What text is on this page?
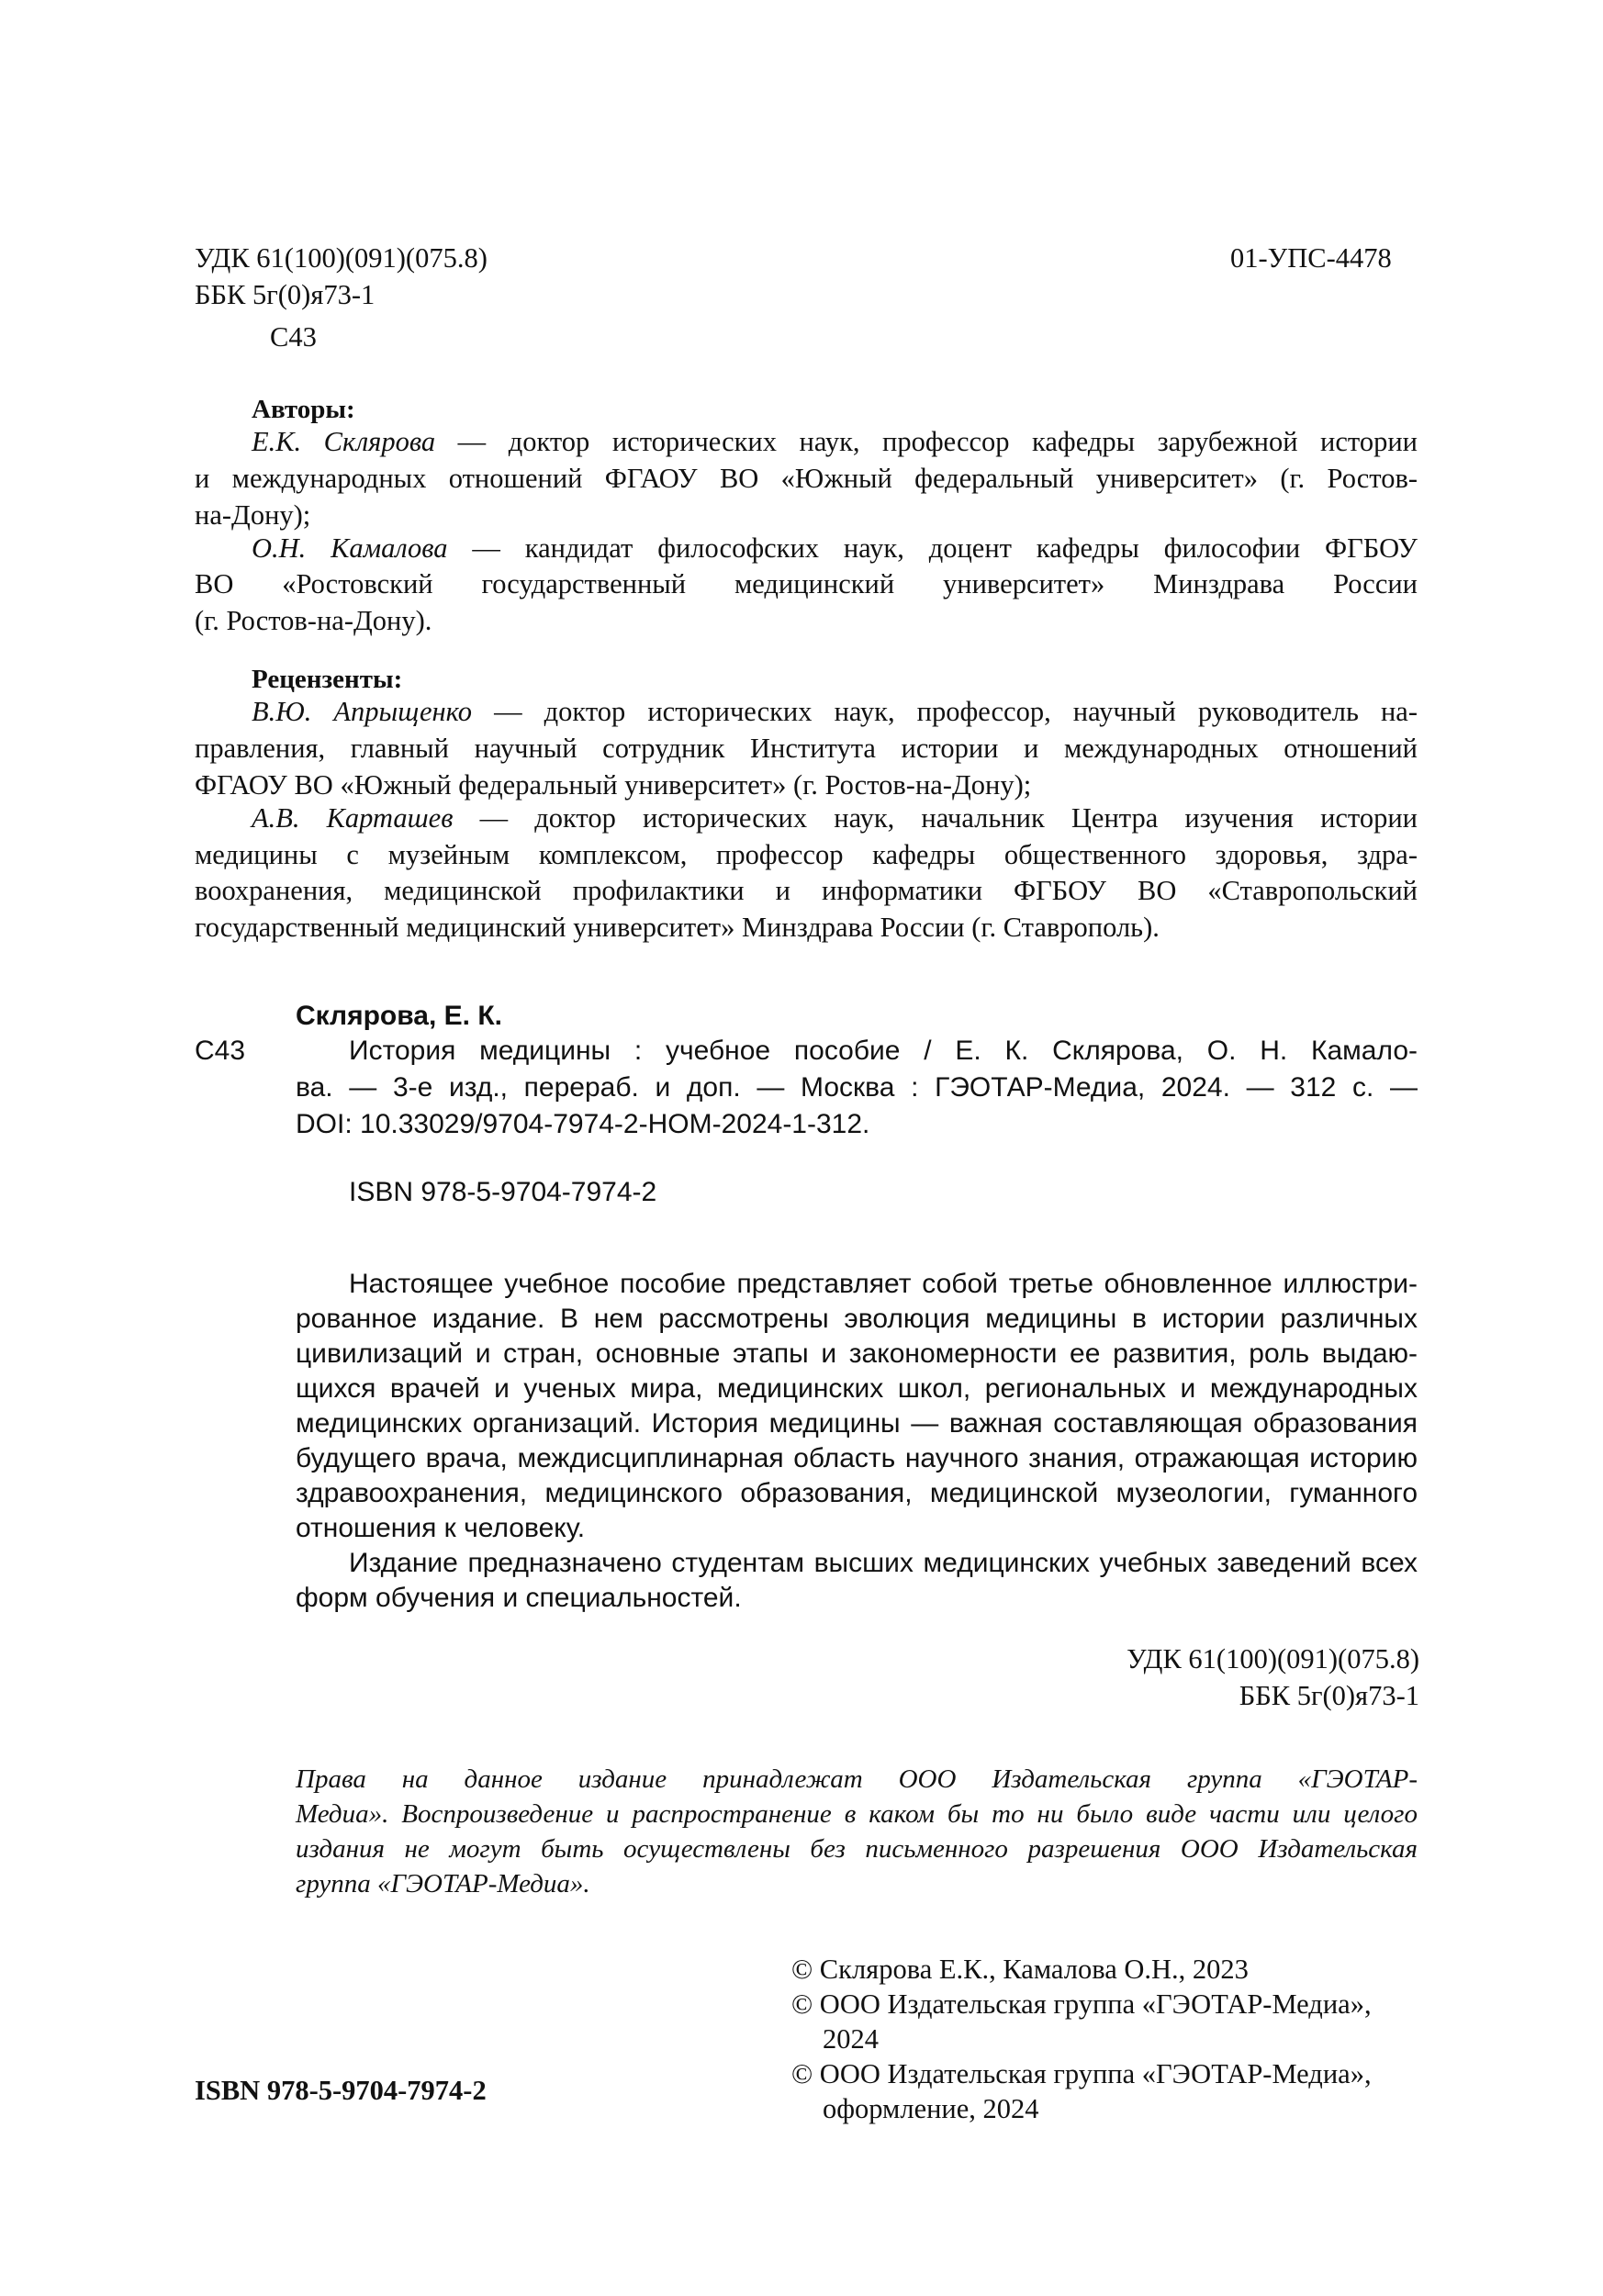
УДК 61(100)(091)(075.8)
ББК 5г(0)я73-1
С43
01-УПС-4478
Авторы:
Е.К. Склярова — доктор исторических наук, профессор кафедры зарубежной истории
и международных отношений ФГАОУ ВО «Южный федеральный университет» (г. Ростов-
на-Дону);
О.Н. Камалова — кандидат философских наук, доцент кафедры философии ФГБОУ
ВО «Ростовский государственный медицинский университет» Минздрава России
(г. Ростов-на-Дону).
Рецензенты:
В.Ю. Апрыщенко — доктор исторических наук, профессор, научный руководитель на-
правления, главный научный сотрудник Института истории и международных отношений
ФГАОУ ВО «Южный федеральный университет» (г. Ростов-на-Дону);
А.В. Карташев — доктор исторических наук, начальник Центра изучения истории
медицины с музейным комплексом, профессор кафедры общественного здоровья, здра-
воохранения, медицинской профилактики и информатики ФГБОУ ВО «Ставропольский
государственный медицинский университет» Минздрава России (г. Ставрополь).
Склярова, Е. К.
С43	История медицины : учебное пособие / Е. К. Склярова, О. Н. Камало-
ва. — 3-е изд., перераб. и доп. — Москва : ГЭОТАР-Медиа, 2024. — 312 с. —
DOI: 10.33029/9704-7974-2-HOM-2024-1-312.
ISBN 978-5-9704-7974-2
Настоящее учебное пособие представляет собой третье обновленное иллюстри-
рованное издание. В нем рассмотрены эволюция медицины в истории различных
цивилизаций и стран, основные этапы и закономерности ее развития, роль выдаю-
щихся врачей и ученых мира, медицинских школ, региональных и международных
медицинских организаций. История медицины — важная составляющая образования
будущего врача, междисциплинарная область научного знания, отражающая историю
здравоохранения, медицинского образования, медицинской музеологии, гуманного
отношения к человеку.
Издание предназначено студентам высших медицинских учебных заведений всех
форм обучения и специальностей.
УДК 61(100)(091)(075.8)
ББК 5г(0)я73-1
Права на данное издание принадлежат ООО Издательская группа «ГЭОТАР-
Медиа». Воспроизведение и распространение в каком бы то ни было виде части или целого
издания не могут быть осуществлены без письменного разрешения ООО Издательская
группа «ГЭОТАР-Медиа».
© Склярова Е.К., Камалова О.Н., 2023
© ООО Издательская группа «ГЭОТАР-Медиа»,
2024
© ООО Издательская группа «ГЭОТАР-Медиа»,
оформление, 2024
ISBN 978-5-9704-7974-2
